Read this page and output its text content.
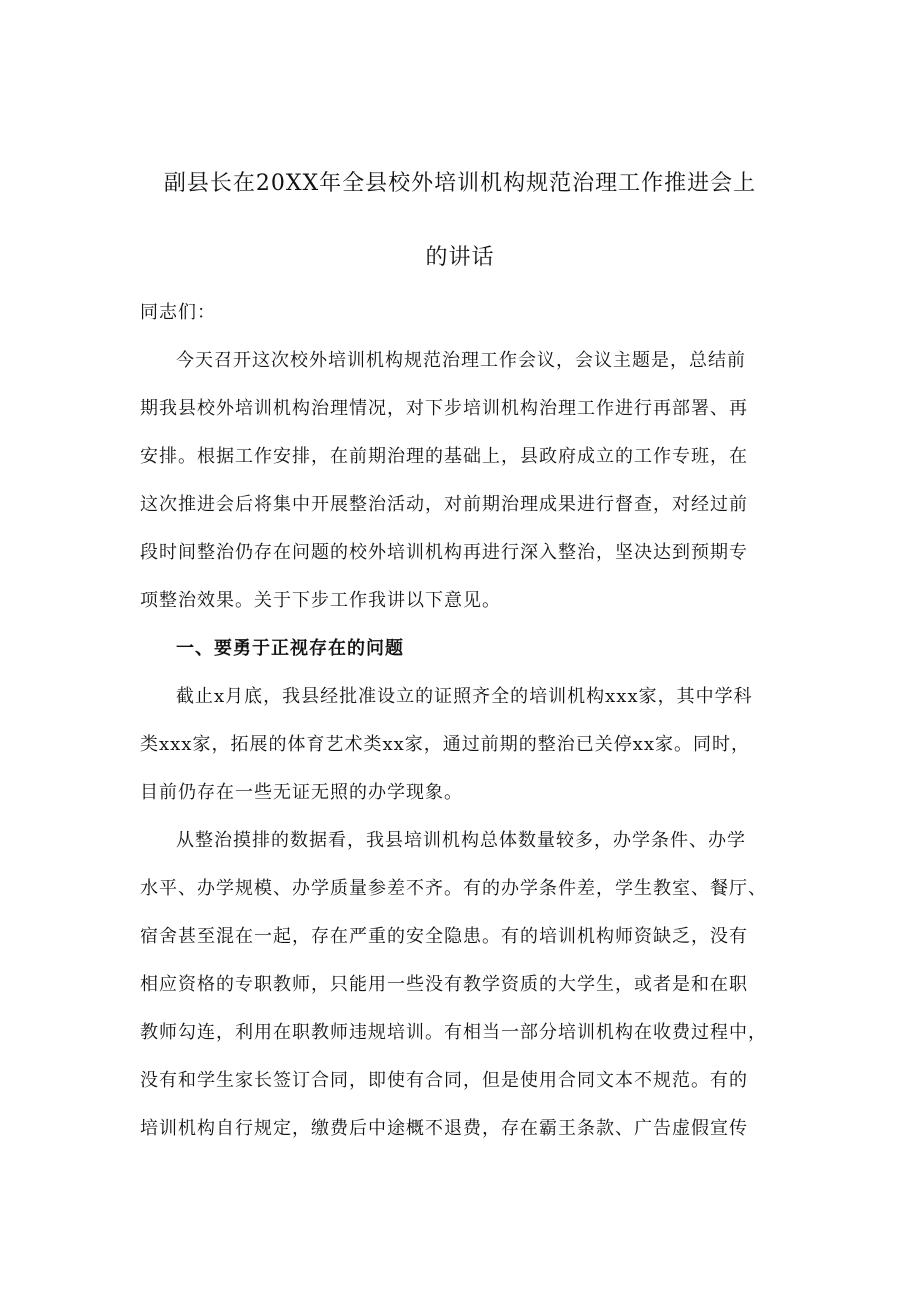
副县长在20XX年全县校外培训机构规范治理工作推进会上
的讲话

同志们：

今天召开这次校外培训机构规范治理工作会议，会议主题是，总结前

期我县校外培训机构治理情况，对下步培训机构治理工作进行再部署、再

安排。根据工作安排，在前期治理的基础上，县政府成立的工作专班，在

这次推进会后将集中开展整治活动，对前期治理成果进行督查，对经过前

段时间整治仍存在问题的校外培训机构再进行深入整治，坚决达到预期专

项整治效果。关于下步工作我讲以下意见。

一、要勇于正视存在的问题

截止x月底，我县经批准设立的证照齐全的培训机构xxx家，其中学科

类xxx家，拓展的体育艺术类xx家，通过前期的整治已关停xx家。同时，

目前仍存在一些无证无照的办学现象。

从整治摸排的数据看，我县培训机构总体数量较多，办学条件、办学

水平、办学规模、办学质量参差不齐。有的办学条件差，学生教室、餐厅、

宿舍甚至混在一起，存在严重的安全隐患。有的培训机构师资缺乏，没有

相应资格的专职教师，只能用一些没有教学资质的大学生，或者是和在职

教师勾连，利用在职教师违规培训。有相当一部分培训机构在收费过程中，

没有和学生家长签订合同，即使有合同，但是使用合同文本不规范。有的

培训机构自行规定，缴费后中途概不退费，存在霸王条款、广告虚假宣传
